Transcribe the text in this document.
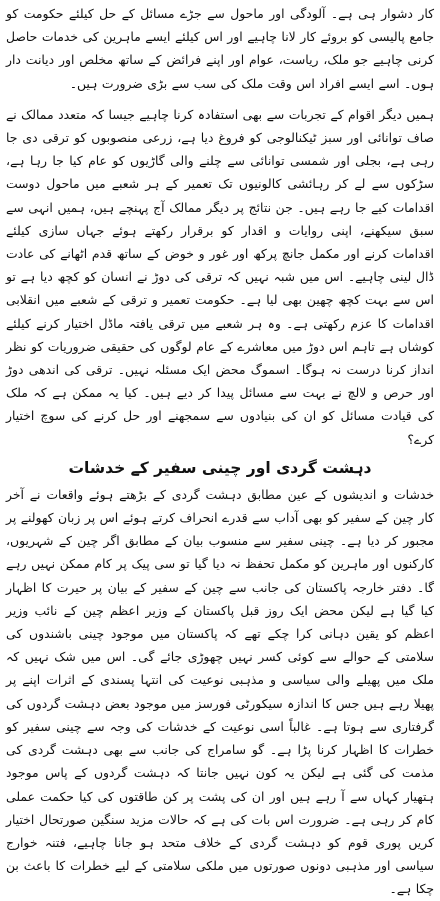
کار دشوار ہی ہے۔ آلودگی اور ماحول سے جڑے مسائل کے حل کیلئے حکومت کو جامع پالیسی کو بروئے کار لانا چاہیے اور اس کیلئے ایسے ماہرین کی خدمات حاصل کرنی چاہیے جو ملک، ریاست، عوام اور اپنے فرائض کے ساتھ مخلص اور دیانت دار ہوں۔ اسے ایسے افراد اس وقت ملک کی سب سے بڑی ضرورت ہیں۔

ہمیں دیگر اقوام کے تجربات سے بھی استفادہ کرنا چاہیے جیسا کہ متعدد ممالک نے صاف توانائی اور سبز ٹیکنالوجی کو فروغ دیا ہے، زرعی منصوبوں کو ترقی دی جا رہی ہے، بجلی اور شمسی توانائی سے چلنے والی گاڑیوں کو عام کیا جا رہا ہے، سڑکوں سے لے کر رہائشی کالونیوں تک تعمیر کے ہر شعبے میں ماحول دوست اقدامات کیے جا رہے ہیں۔ جن نتائج پر دیگر ممالک آج پہنچے ہیں، ہمیں انہی سے سبق سیکھنے، اپنی روایات و اقدار کو برقرار رکھتے ہوئے جہاں سازی کیلئے اقدامات کرنے اور مکمل جانچ پرکھ اور غور و خوض کے ساتھ قدم اٹھانے کی عادت ڈال لینی چاہیے۔ اس میں شبہ نہیں کہ ترقی کی دوڑ نے انسان کو کچھ دیا ہے تو اس سے بہت کچھ چھین بھی لیا ہے۔ حکومت تعمیر و ترقی کے شعبے میں انقلابی اقدامات کا عزم رکھتی ہے۔ وہ ہر شعبے میں ترقی یافتہ ماڈل اختیار کرنے کیلئے کوشاں ہے تاہم اس دوڑ میں معاشرے کے عام لوگوں کی حقیقی ضروریات کو نظر انداز کرنا درست نہ ہوگا۔ اسموگ محض ایک مسئلہ نہیں۔ ترقی کی اندھی دوڑ اور حرص و لالچ نے بہت سے مسائل پیدا کر دیے ہیں۔ کیا یہ ممکن ہے کہ ملک کی قیادت مسائل کو ان کی بنیادوں سے سمجھنے اور حل کرنے کی سوچ اختیار کرے؟

دہشت گردی اور چینی سفیر کے خدشات

خدشات و اندیشوں کے عین مطابق دہشت گردی کے بڑھتے ہوئے واقعات نے آخر کار چین کے سفیر کو بھی آداب سے قدرے انحراف کرتے ہوئے اس پر زبان کھولنے پر مجبور کر دیا ہے۔ چینی سفیر سے منسوب بیان کے مطابق اگر چین کے شہریوں، کارکنوں اور ماہرین کو مکمل تحفظ نہ دیا گیا تو سی پیک پر کام ممکن نہیں رہے گا۔ دفتر خارجہ پاکستان کی جانب سے چین کے سفیر کے بیان پر حیرت کا اظہار کیا گیا ہے لیکن محض ایک روز قبل پاکستان کے وزیر اعظم چین کے نائب وزیر اعظم کو یقین دہانی کرا چکے تھے کہ پاکستان میں موجود چینی باشندوں کی سلامتی کے حوالے سے کوئی کسر نہیں چھوڑی جائے گی۔ اس میں شک نہیں کہ ملک میں پھیلے والی سیاسی و مذہبی نوعیت کی انتہا پسندی کے اثرات اپنے پر پھیلا رہے ہیں جس کا اندازہ سیکورٹی فورسز میں موجود بعض دہشت گردوں کی گرفتاری سے ہوتا ہے۔ غالباً اسی نوعیت کے خدشات کی وجہ سے چینی سفیر کو خطرات کا اظہار کرنا پڑا ہے۔ گو سامراج کی جانب سے بھی دہشت گردی کی مذمت کی گئی ہے لیکن یہ کون نہیں جانتا کہ دہشت گردوں کے پاس موجود ہتھیار کہاں سے آ رہے ہیں اور ان کی پشت پر کن طاقتوں کی کیا حکمت عملی کام کر رہی ہے۔ ضرورت اس بات کی ہے کہ حالات مزید سنگین صورتحال اختیار کریں پوری قوم کو دہشت گردی کے خلاف متحد ہو جانا چاہیے، فتنہ خوارج سیاسی اور مذہبی دونوں صورتوں میں ملکی سلامتی کے لیے خطرات کا باعث بن چکا ہے۔
